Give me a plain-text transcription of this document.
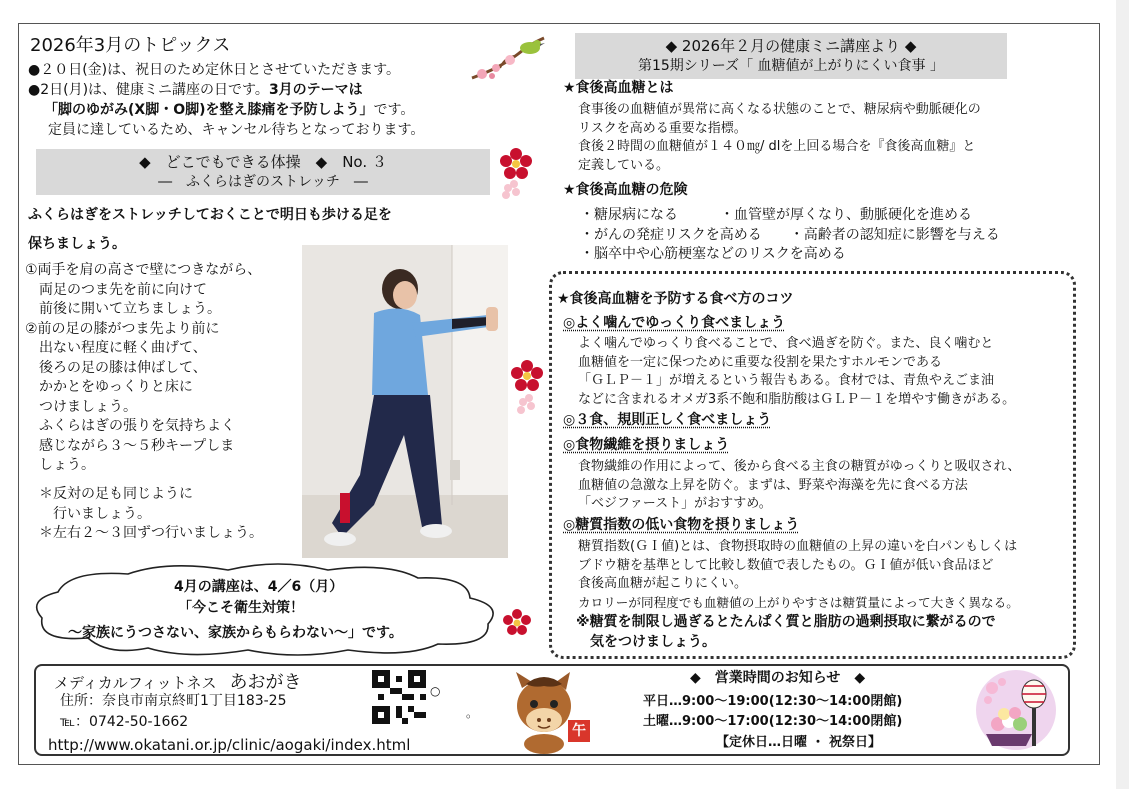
2026年3月のトピックス
●２０日(金)は、祝日のため定休日とさせていただきます。
●2日(月)は、健康ミニ講座の日です。3月のテーマは
「脚のゆがみ(X脚・O脚)を整え膝痛を予防しよう」です。
定員に達しているため、キャンセル待ちとなっております。
◆　どこでもできる体操　◆　No. ３
―　ふくらはぎのストレッチ　―
ふくらはぎをストレッチしておくことで明日も歩ける足を
保ちましょう。
①両手を肩の高さで壁につきながら、
　両足のつま先を前に向けて
　前後に開いて立ちましょう。
②前の足の膝がつま先より前に
　出ない程度に軽く曲げて、
　後ろの足の膝は伸ばして、
　かかとをゆっくりと床に
　つけましょう。
　ふくらはぎの張りを気持ちよく
　感じながら３～５秒キープしま
　しょう。
　＊反対の足も同じように
　　行いましょう。
　＊左右２～３回ずつ行いましょう。
4月の講座は、4／6（月）
「今こそ衛生対策！
～家族にうつさない、家族からもらわない～」です。
◆ 2026年２月の健康ミニ講座より ◆
第15期シリーズ「 血糖値が上がりにくい食事 」
★食後高血糖とは
食事後の血糖値が異常に高くなる状態のことで、糖尿病や動脈硬化の
リスクを高める重要な指標。
食後２時間の血糖値が１４０㎎/ dlを上回る場合を『食後高血糖』と
定義している。
★食後高血糖の危険
・糖尿病になる　　　・血管壁が厚くなり、動脈硬化を進める
・がんの発症リスクを高める　　・高齢者の認知症に影響を与える
・脳卒中や心筋梗塞などのリスクを高める
★食後高血糖を予防する食べ方のコツ
◎よく噛んでゆっくり食べましょう
よく噛んでゆっくり食べることで、食べ過ぎを防ぐ。また、良く噛むと
血糖値を一定に保つために重要な役割を果たすホルモンである
「ＧＬＰ－１」が増えるという報告もある。食材では、青魚やえごま油
などに含まれるオメガ3系不飽和脂肪酸はＧＬＰ－１を増やす働きがある。
◎３食、規則正しく食べましょう
◎食物繊維を摂りましょう
食物繊維の作用によって、後から食べる主食の糖質がゆっくりと吸収され、
血糖値の急激な上昇を防ぐ。まずは、野菜や海藻を先に食べる方法
「ベジファースト」がおすすめ。
◎糖質指数の低い食物を摂りましょう
糖質指数(ＧＩ値)とは、食物摂取時の血糖値の上昇の違いを白パンもしくは
ブドウ糖を基準として比較し数値で表したもの。ＧＩ値が低い食品ほど
食後高血糖が起こりにくい。
カロリーが同程度でも血糖値の上がりやすさは糖質量によって大きく異なる。
※糖質を制限し過ぎるとたんぱく質と脂肪の過剰摂取に繋がるので
　気をつけましょう。
メディカルフィットネス あおがき
住所：奈良市南京終町1丁目183-25
℡：0742-50-1662
http://www.okatani.or.jp/clinic/aogaki/index.html
○
。
午
◆　営業時間のお知らせ　◆
平日…9:00～19:00(12:30～14:00閉館)
土曜…9:00～17:00(12:30～14:00閉館)
【定休日…日曜 ・ 祝祭日】
